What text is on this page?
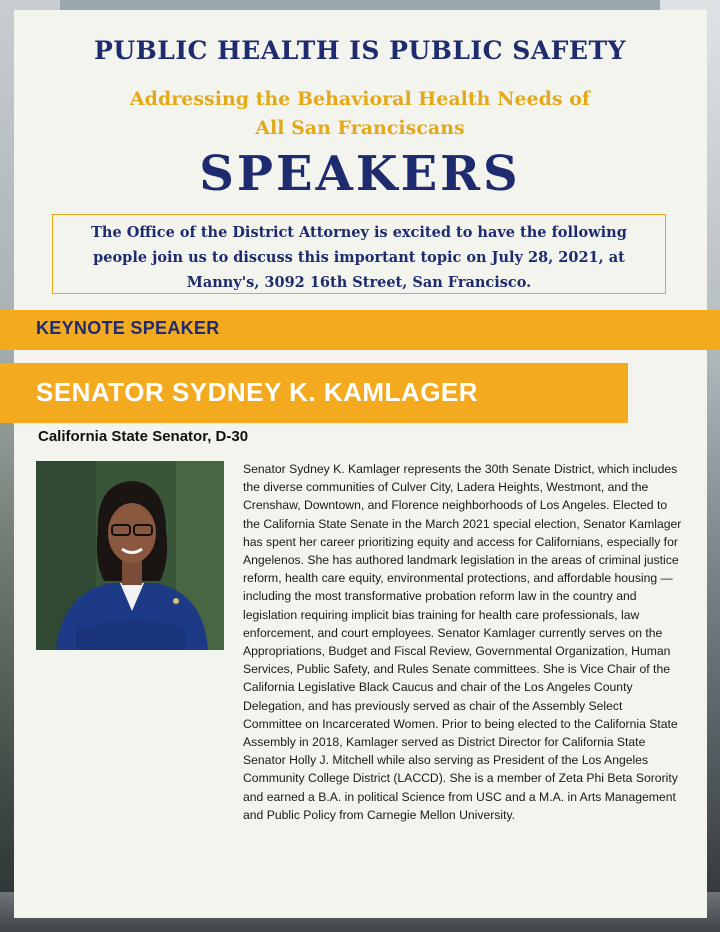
PUBLIC HEALTH IS PUBLIC SAFETY
Addressing the Behavioral Health Needs of
All San Franciscans
SPEAKERS
The Office of the District Attorney is excited to have the following
people join us to discuss this important topic on July 28, 2021, at
Manny's, 3092 16th Street, San Francisco.
KEYNOTE SPEAKER
SENATOR SYDNEY K. KAMLAGER
California State Senator, D-30

Senator Sydney K. Kamlager represents the 30th Senate District, which includes the diverse communities of Culver City, Ladera Heights, Westmont, and the Crenshaw, Downtown, and Florence neighborhoods of Los Angeles. Elected to the California State Senate in the March 2021 special election, Senator Kamlager has spent her career prioritizing equity and access for Californians, especially for Angelenos. She has authored landmark legislation in the areas of criminal justice reform, health care equity, environmental protections, and affordable housing — including the most transformative probation reform law in the country and legislation requiring implicit bias training for health care professionals, law enforcement, and court employees. Senator Kamlager currently serves on the Appropriations, Budget and Fiscal Review, Governmental Organization, Human Services, Public Safety, and Rules Senate committees. She is Vice Chair of the California Legislative Black Caucus and chair of the Los Angeles County Delegation, and has previously served as chair of the Assembly Select Committee on Incarcerated Women. Prior to being elected to the California State Assembly in 2018, Kamlager served as District Director for California State Senator Holly J. Mitchell while also serving as President of the Los Angeles Community College District (LACCD). She is a member of Zeta Phi Beta Sorority and earned a B.A. in political Science from USC and a M.A. in Arts Management and Public Policy from Carnegie Mellon University.
